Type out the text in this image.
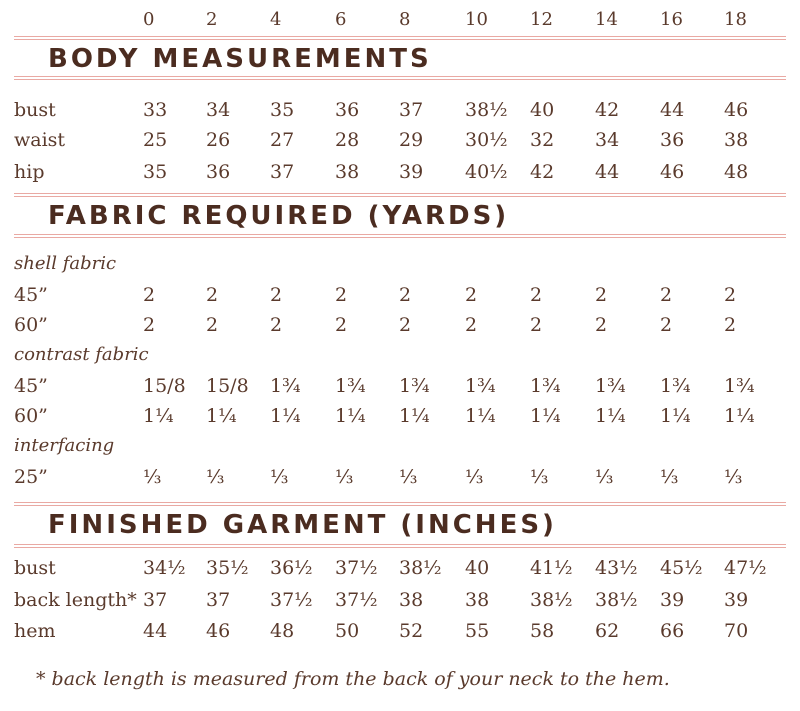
0	2	4	6	8	10 12 14 16 18
BODY MEASUREMENTS
bust	33 34 35 36 37 38½ 40 42 44 46
waist	25 26 27 28 29 30½ 32 34 36 38
hip	35 36 37 38 39 40½ 42 44 46 48
FABRIC REQUIRED (YARDS)
shell fabric
45”	2	2	2	2	2	2	2	2	2	2
60”	2	2	2	2	2	2	2	2	2	2
contrast fabric
45”	15/8 15/8 1¾ 1¾ 1¾ 1¾ 1¾ 1¾ 1¾ 1¾
60”	1¼ 1¼ 1¼ 1¼ 1¼ 1¼ 1¼ 1¼ 1¼ 1¼
interfacing
25”	⅓ ⅓ ⅓ ⅓ ⅓	⅓ ⅓ ⅓ ⅓ ⅓
FINISHED GARMENT (INCHES)
bust	34½ 35½ 36½ 37½ 38½ 40 41½ 43½ 45½ 47½
back length* 37 37 37½ 37½ 38 38 38½ 38½ 39 39
hem	44 46 48 50 52 55 58 62 66 70
* back length is measured from the back of your neck to the hem.
